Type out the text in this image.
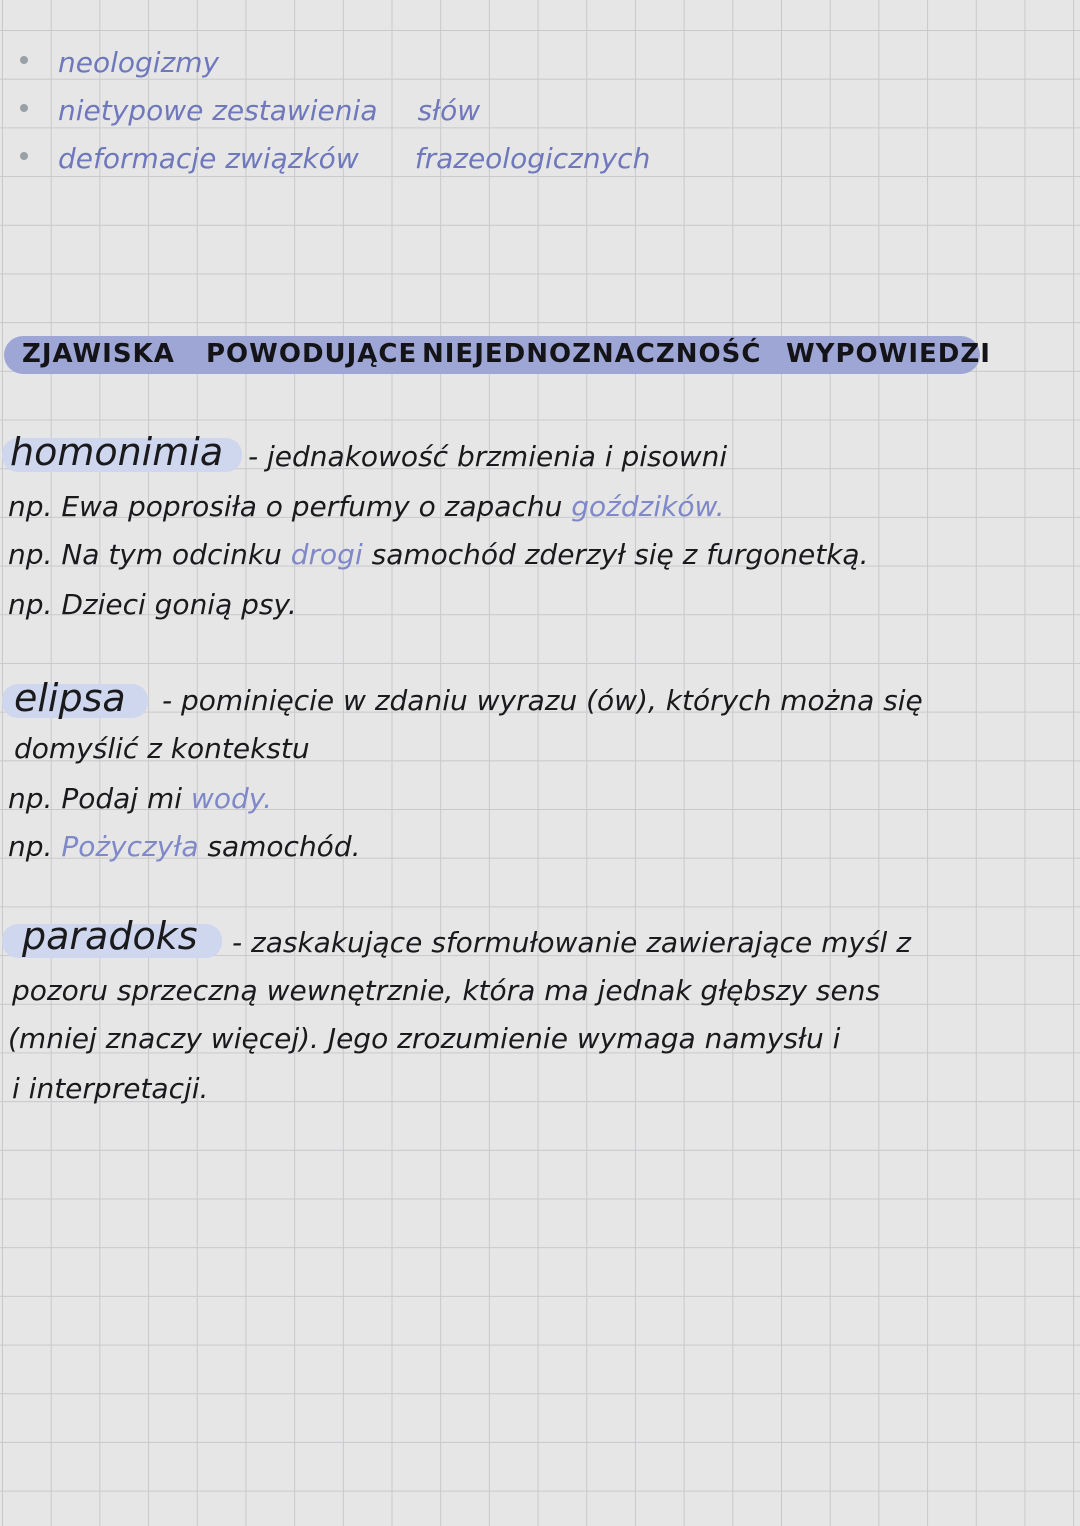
neologizmy
nietypowe zestawienia słów
deformacje związków frazeologicznych
ZJAWISKA POWODUJĄCE NIEJEDNOZNACZNOŚĆ WYPOWIEDZI
homonimia - jednakowość brzmienia i pisowni
np. Ewa poprosiła o perfumy o zapachu goździków.
np. Na tym odcinku drogi samochód zderzył się z furgonetką.
np. Dzieci gonią psy.
elipsa - pominięcie w zdaniu wyrazu (ów), których można się
domyślić z kontekstu
np. Podaj mi wody.
np. Pożyczyła samochód.
paradoks - zaskakujące sformułowanie zawierające myśl z
pozoru sprzeczną wewnętrznie, która ma jednak głębszy sens
(mniej znaczy więcej). Jego zrozumienie wymaga namysłu i
i interpretacji.
